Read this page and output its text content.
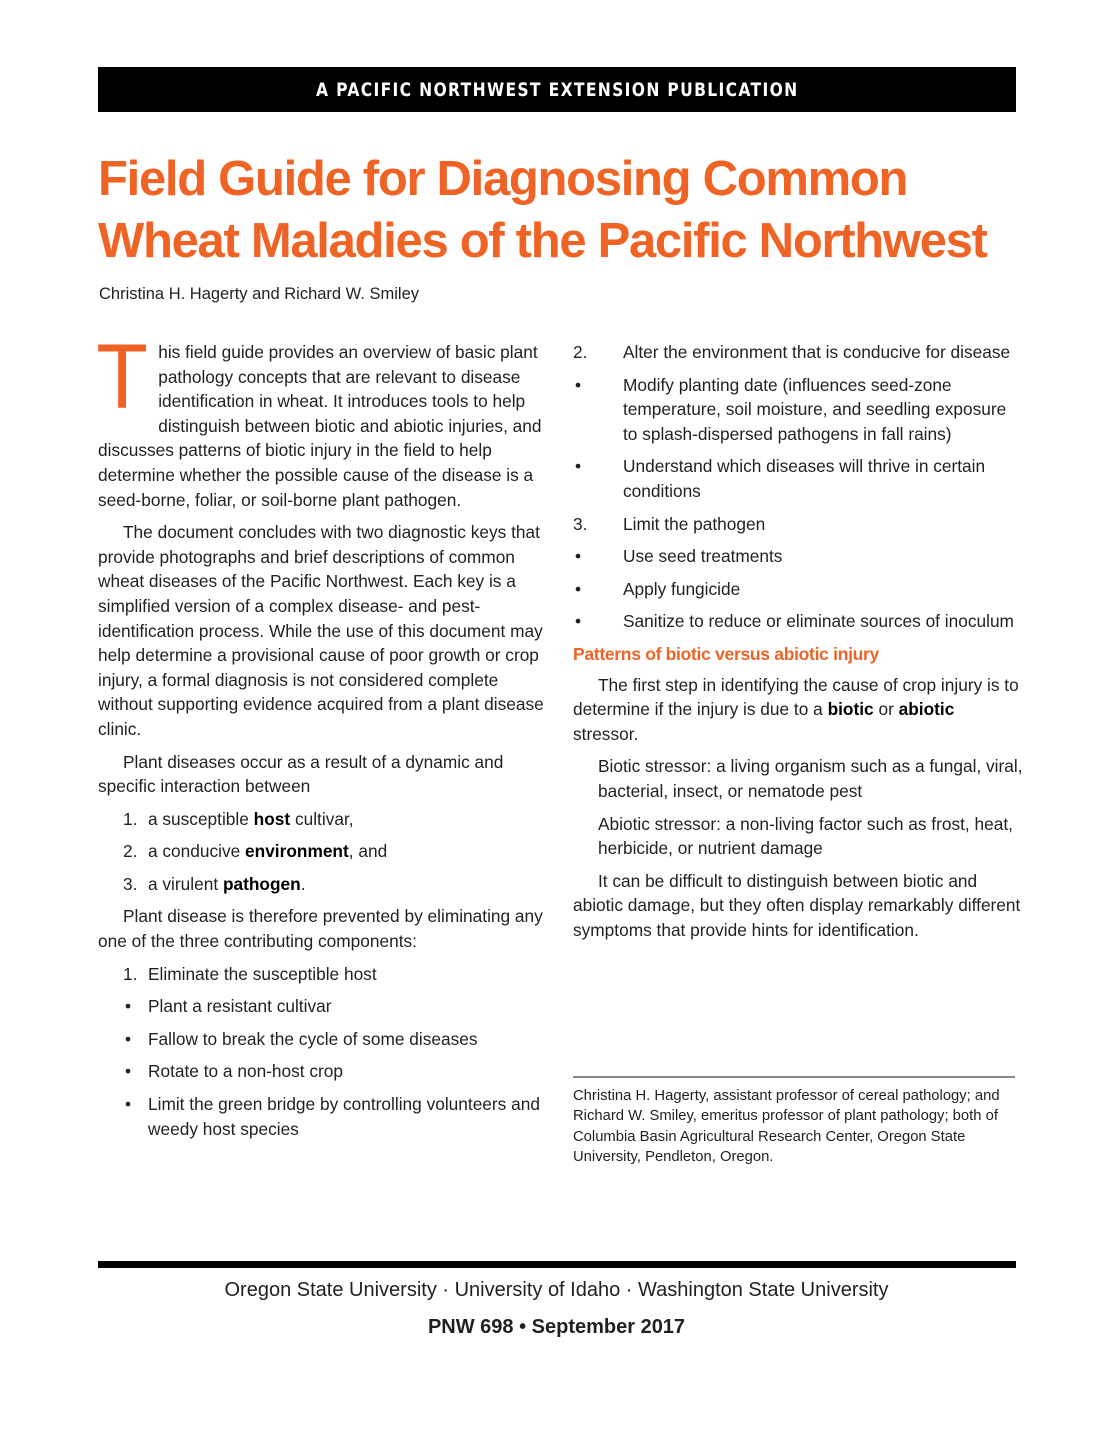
A PACIFIC NORTHWEST EXTENSION PUBLICATION
Field Guide for Diagnosing Common
Wheat Maladies of the Pacific Northwest
Christina H. Hagerty and Richard W. Smiley

This field guide provides an overview of basic plant pathology concepts that are relevant to disease identification in wheat. It introduces tools to help distinguish between biotic and abiotic injuries, and discusses patterns of biotic injury in the field to help determine whether the possible cause of the disease is a seed-borne, foliar, or soil-borne plant pathogen.

The document concludes with two diagnostic keys that provide photographs and brief descriptions of common wheat diseases of the Pacific Northwest. Each key is a simplified version of a complex disease- and pest-identification process. While the use of this document may help determine a provisional cause of poor growth or crop injury, a formal diagnosis is not considered complete without supporting evidence acquired from a plant disease clinic.

Plant diseases occur as a result of a dynamic and specific interaction between

1. a susceptible host cultivar,
2. a conducive environment, and
3. a virulent pathogen.

Plant disease is therefore prevented by eliminating any one of the three contributing components:

1. Eliminate the susceptible host
• Plant a resistant cultivar
• Fallow to break the cycle of some diseases
• Rotate to a non-host crop
• Limit the green bridge by controlling volunteers and weedy host species
2.	Alter the environment that is conducive for disease
•	Modify planting date (influences seed-zone temperature, soil moisture, and seedling exposure to splash-dispersed pathogens in fall rains)
•	Understand which diseases will thrive in certain conditions
3.	Limit the pathogen
•	Use seed treatments
•	Apply fungicide
•	Sanitize to reduce or eliminate sources of inoculum
Patterns of biotic versus abiotic injury

The first step in identifying the cause of crop injury is to determine if the injury is due to a biotic or abiotic stressor.

Biotic stressor: a living organism such as a fungal, viral, bacterial, insect, or nematode pest

Abiotic stressor: a non-living factor such as frost, heat, herbicide, or nutrient damage

It can be difficult to distinguish between biotic and abiotic damage, but they often display remarkably different symptoms that provide hints for identification.

Christina H. Hagerty, assistant professor of cereal pathology; and Richard W. Smiley, emeritus professor of plant pathology; both of Columbia Basin Agricultural Research Center, Oregon State University, Pendleton, Oregon.

Oregon State University · University of Idaho · Washington State University
PNW 698 • September 2017
